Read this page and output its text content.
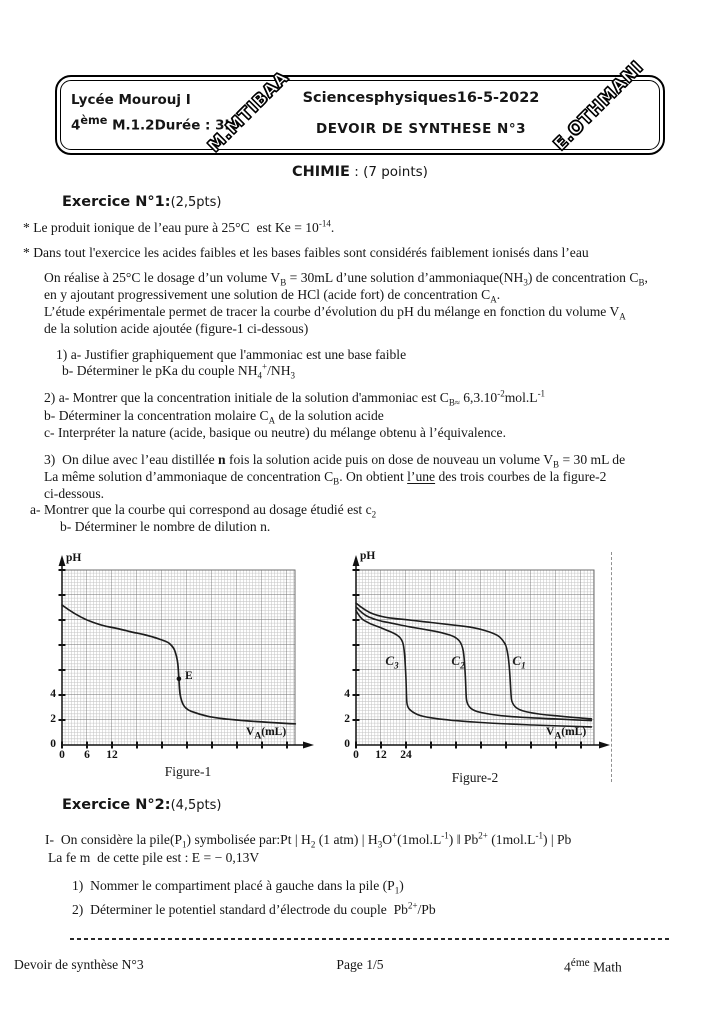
Lycée Mourouj I
4ème M.1.2Durée : 3H
Sciencesphysiques16-5-2022
DEVOIR DE SYNTHESE N°3
M.MTIBAA	E.OTHMANI
CHIMIE : (7 points)
Exercice N°1:(2,5pts)
* Le produit ionique de l’eau pure à 25°C  est $Ke = 10^{-14}$.
* Dans tout l'exercice les acides faibles et les bases faibles sont considérés faiblement ionisés dans l’eau
On réalise à 25°C le dosage d’un volume $V_B = 30mL$ d’une solution $d’ammoniaque(NH_3)$ de concentration $C_B$,
en y ajoutant progressivement une solution de HCl (acide fort) de concentration $C_A$.
L’étude expérimentale permet de tracer la courbe d’évolution du pH du mélange en fonction du volume $V_A$
de la solution acide ajoutée (figure-1 ci-dessous)
1) a- Justifier graphiquement que l'ammoniac est une base faible
b- Déterminer le pKa du couple $NH_4^+/NH_3$
2) a- Montrer que la concentration initiale de la solution d'ammoniac est $C_{B\approx}$ $6,3.10^{-2}mol.L^{-1}$
b- Déterminer la concentration molaire $C_A$ de la solution acide
c- Interpréter la nature (acide, basique ou neutre) du mélange obtenu à l’équivalence.
3)  On dilue avec l’eau distillée n fois la solution acide puis on dose de nouveau un volume $V_B = 30$ mL de
La même solution d’ammoniaque de concentration $C_B$. On obtient l’une des trois courbes de la figure-2
ci-dessous.
a- Montrer que la courbe qui correspond au dosage étudié est $c_2$
b- Déterminer le nombre de dilution n.
pH
$V_A(mL)$
E
0 6 12
4
2
0
Figure-1
pH
$V_A(mL)$
$C_3$	$C_2$	$C_1$
0 12 24
4
2
0
Figure-2
Exercice N°2:(4,5pts)
I-  On considère la $pile(P_1)$ symbolisée par:Pt | $H_2$ (1 atm) | $H_3O^+(1mol.L^{-1})$ ‖ $Pb^{2+}$ $(1mol.L^{-1})$ | Pb
La fe m  de cette pile est : E = − 0,13V
1)  Nommer le compartiment placé à gauche dans la pile $(P_1)$
2)  Déterminer le potentiel standard d’électrode du couple  $Pb^{2+}/Pb$
Devoir de synthèse N°3	Page 1/5	$4^{éme}$ Math
